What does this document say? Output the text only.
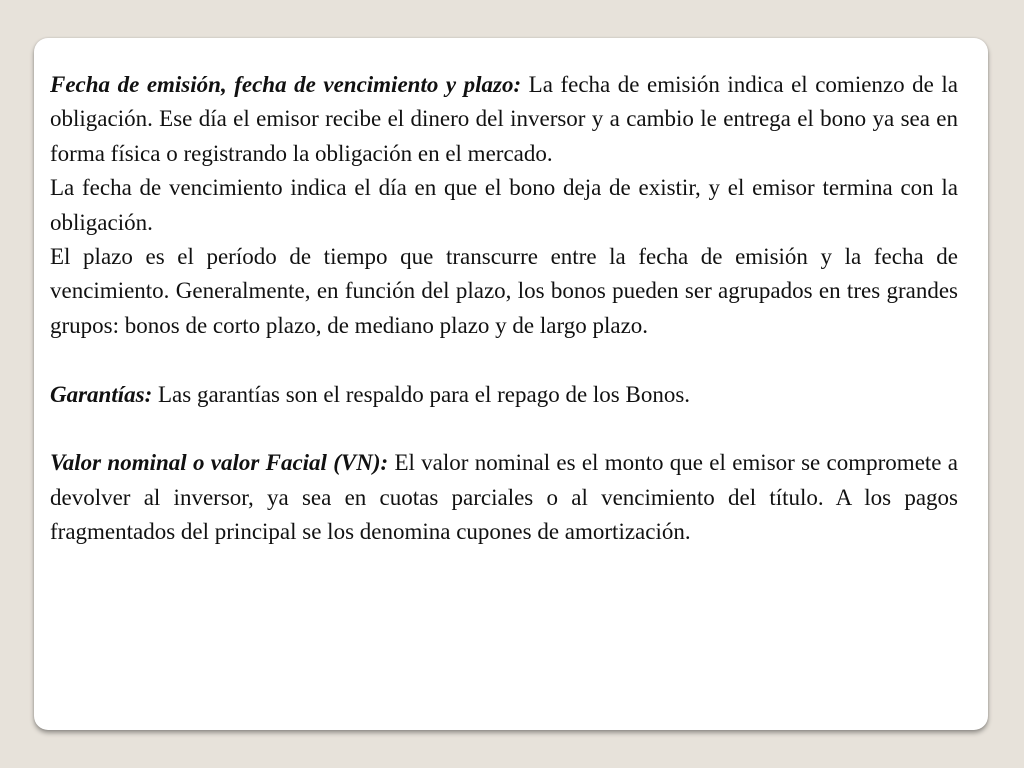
Fecha de emisión, fecha de vencimiento y plazo: La fecha de emisión indica el comienzo de la obligación. Ese día el emisor recibe el dinero del inversor y a cambio le entrega el bono ya sea en forma física o registrando la obligación en el mercado.

La fecha de vencimiento indica el día en que el bono deja de existir, y el emisor termina con la obligación.

El plazo es el período de tiempo que transcurre entre la fecha de emisión y la fecha de vencimiento. Generalmente, en función del plazo, los bonos pueden ser agrupados en tres grandes grupos: bonos de corto plazo, de mediano plazo y de largo plazo.

Garantías: Las garantías son el respaldo para el repago de los Bonos.

Valor nominal o valor Facial (VN): El valor nominal es el monto que el emisor se compromete a devolver al inversor, ya sea en cuotas parciales o al vencimiento del título. A los pagos fragmentados del principal se los denomina cupones de amortización.
